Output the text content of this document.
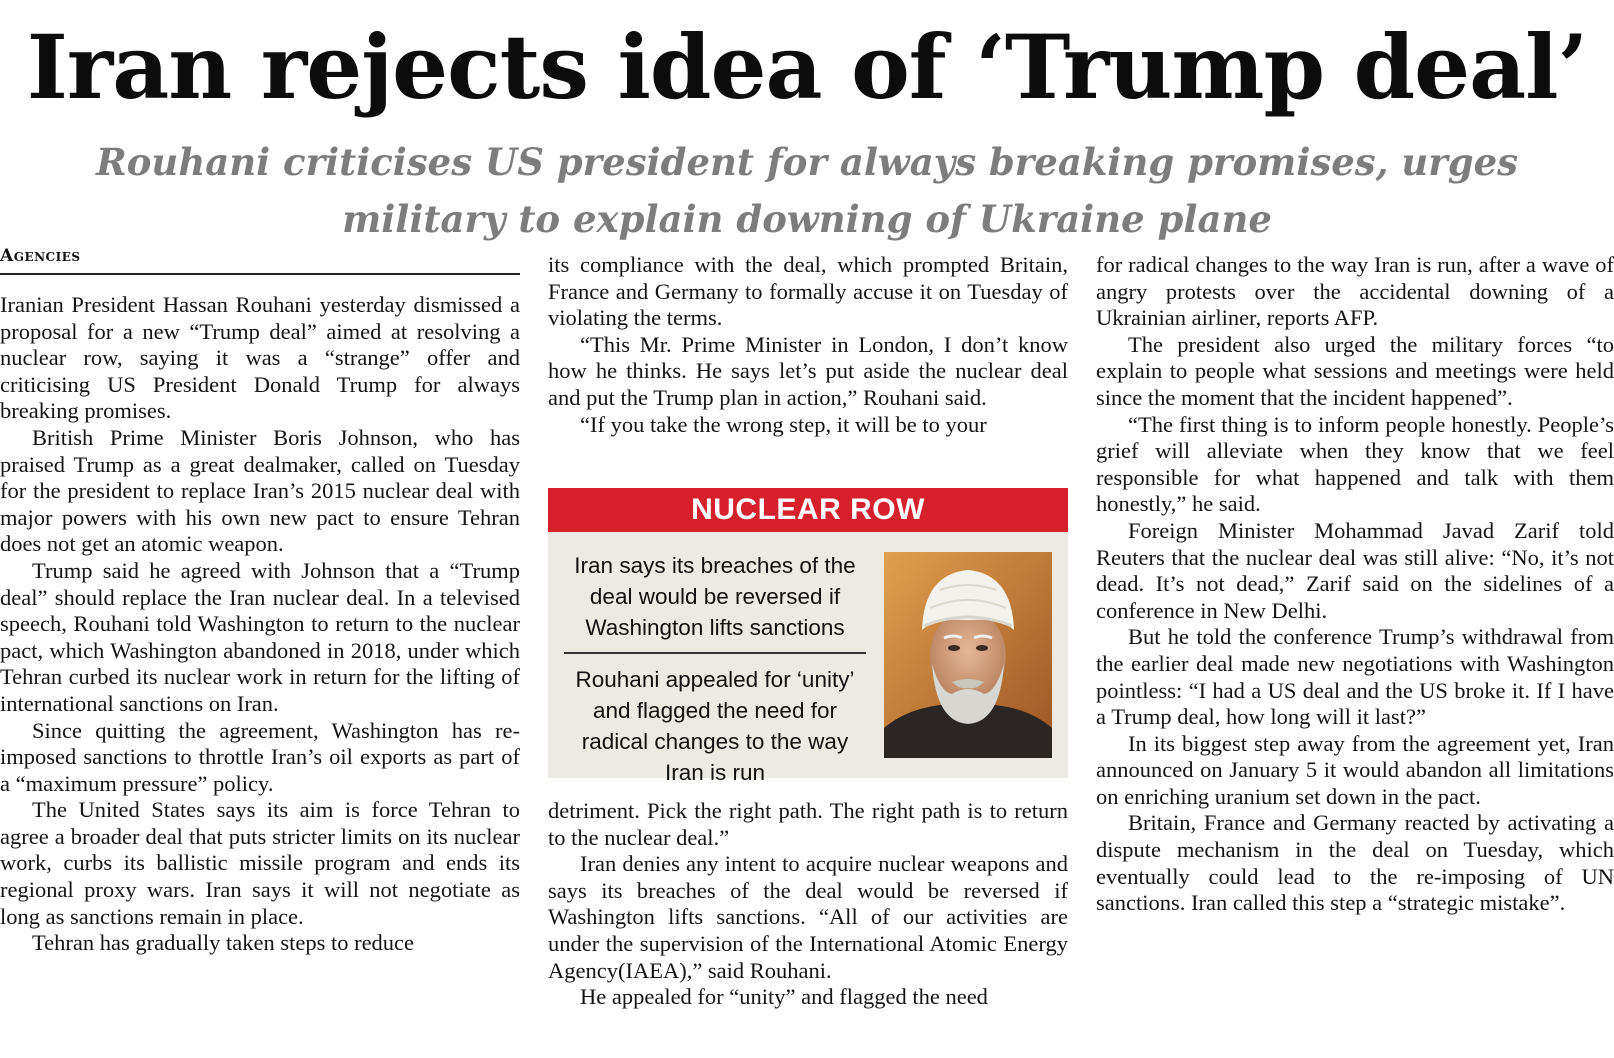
Iran rejects idea of ‘Trump deal’
Rouhani criticises US president for always breaking promises, urges military to explain downing of Ukraine plane
Agencies

Iranian President Hassan Rouhani yesterday dismissed a proposal for a new “Trump deal” aimed at resolving a nuclear row, saying it was a “strange” offer and criticising US President Donald Trump for always breaking promises.

British Prime Minister Boris Johnson, who has praised Trump as a great dealmaker, called on Tuesday for the president to replace Iran’s 2015 nuclear deal with major powers with his own new pact to ensure Tehran does not get an atomic weapon.

Trump said he agreed with Johnson that a “Trump deal” should replace the Iran nuclear deal. In a televised speech, Rouhani told Washington to return to the nuclear pact, which Washington abandoned in 2018, under which Tehran curbed its nuclear work in return for the lifting of international sanctions on Iran.

Since quitting the agreement, Washington has re-imposed sanctions to throttle Iran’s oil exports as part of a “maximum pressure” policy.

The United States says its aim is force Tehran to agree a broader deal that puts stricter limits on its nuclear work, curbs its ballistic missile program and ends its regional proxy wars. Iran says it will not negotiate as long as sanctions remain in place.

Tehran has gradually taken steps to reduce

its compliance with the deal, which prompted Britain, France and Germany to formally accuse it on Tuesday of violating the terms.

“This Mr. Prime Minister in London, I don’t know how he thinks. He says let’s put aside the nuclear deal and put the Trump plan in action,” Rouhani said.

“If you take the wrong step, it will be to your

NUCLEAR ROW
Iran says its breaches of the deal would be reversed if Washington lifts sanctions
Rouhani appealed for ‘unity’ and flagged the need for radical changes to the way Iran is run

detriment. Pick the right path. The right path is to return to the nuclear deal.”

Iran denies any intent to acquire nuclear weapons and says its breaches of the deal would be reversed if Washington lifts sanctions. “All of our activities are under the supervision of the International Atomic Energy Agency(IAEA),” said Rouhani.

He appealed for “unity” and flagged the need

for radical changes to the way Iran is run, after a wave of angry protests over the accidental downing of a Ukrainian airliner, reports AFP.

The president also urged the military forces “to explain to people what sessions and meetings were held since the moment that the incident happened”.

“The first thing is to inform people honestly. People’s grief will alleviate when they know that we feel responsible for what happened and talk with them honestly,” he said.

Foreign Minister Mohammad Javad Zarif told Reuters that the nuclear deal was still alive: “No, it’s not dead. It’s not dead,” Zarif said on the sidelines of a conference in New Delhi.

But he told the conference Trump’s withdrawal from the earlier deal made new negotiations with Washington pointless: “I had a US deal and the US broke it. If I have a Trump deal, how long will it last?”

In its biggest step away from the agreement yet, Iran announced on January 5 it would abandon all limitations on enriching uranium set down in the pact.

Britain, France and Germany reacted by activating a dispute mechanism in the deal on Tuesday, which eventually could lead to the re-imposing of UN sanctions. Iran called this step a “strategic mistake”.
